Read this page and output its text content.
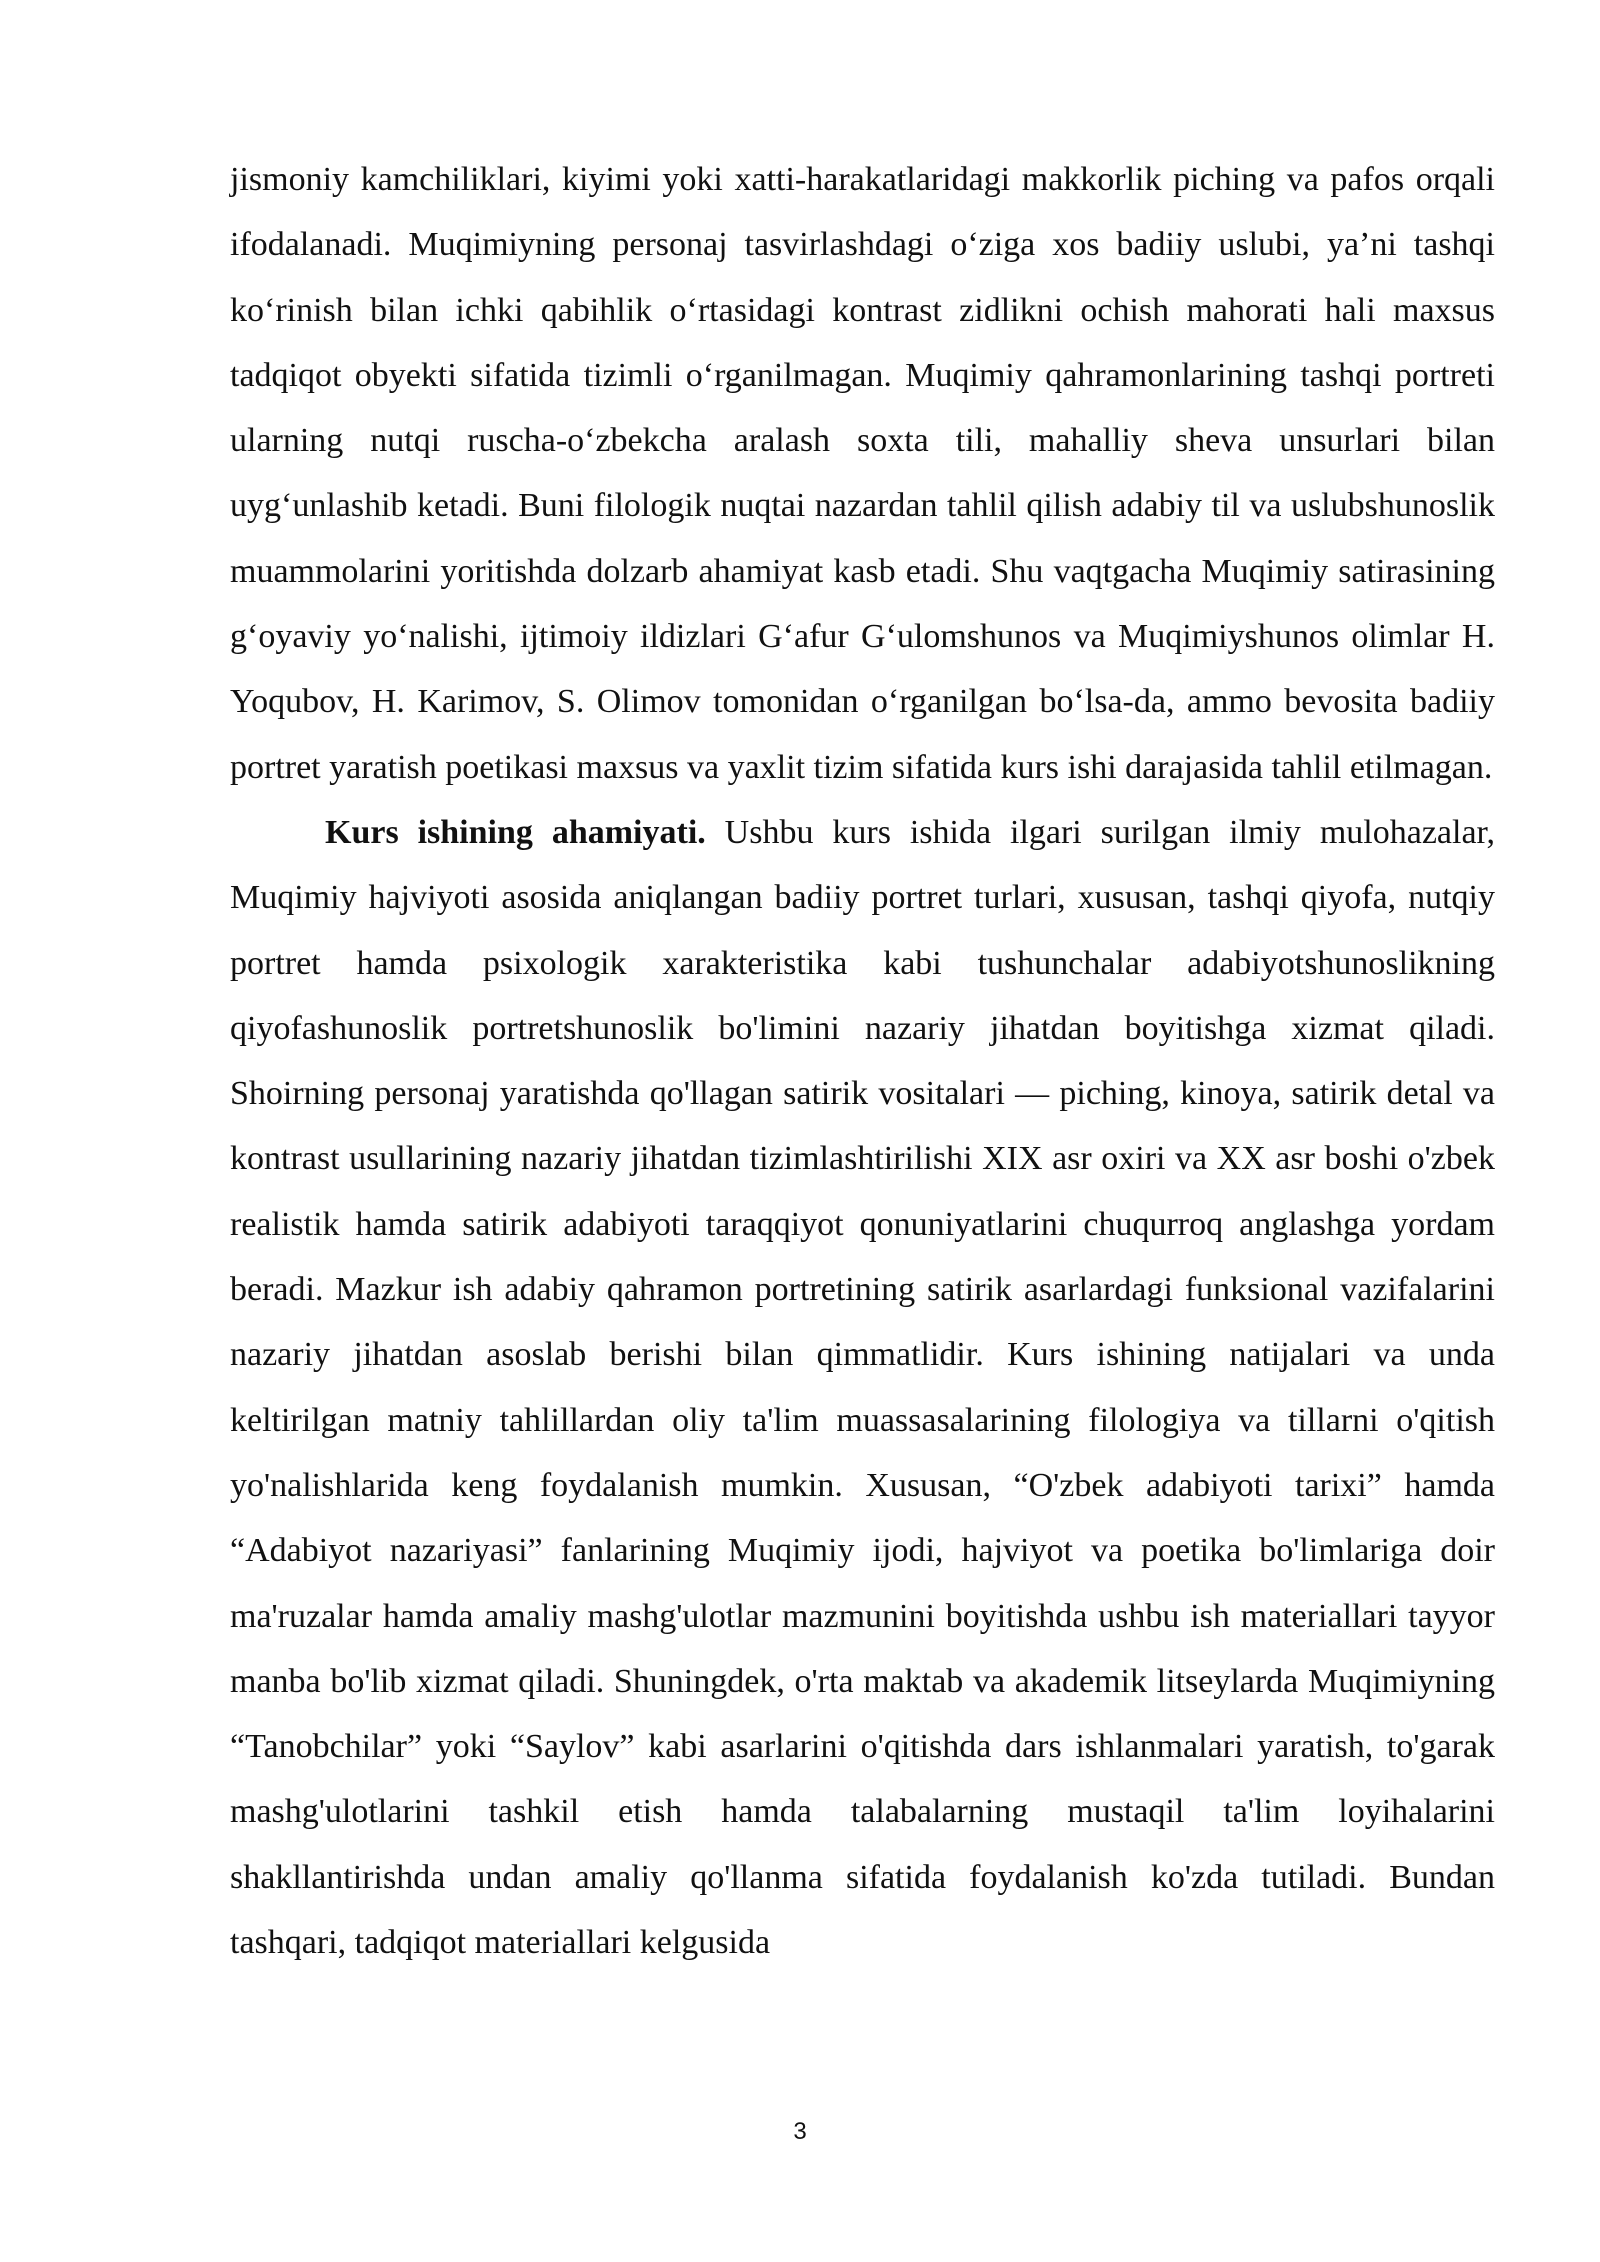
jismoniy kamchiliklari, kiyimi yoki xatti-harakatlaridagi makkorlik piching va pafos orqali ifodalanadi. Muqimiyning personaj tasvirlashdagi o‘ziga xos badiiy uslubi, ya’ni tashqi ko‘rinish bilan ichki qabihlik o‘rtasidagi kontrast zidlikni ochish mahorati hali maxsus tadqiqot obyekti sifatida tizimli o‘rganilmagan. Muqimiy qahramonlarining tashqi portreti ularning nutqi ruscha-o‘zbekcha aralash soxta tili, mahalliy sheva unsurlari bilan uyg‘unlashib ketadi. Buni filologik nuqtai nazardan tahlil qilish adabiy til va uslubshunoslik muammolarini yoritishda dolzarb ahamiyat kasb etadi. Shu vaqtgacha Muqimiy satirasining g‘oyaviy yo‘nalishi, ijtimoiy ildizlari G‘afur G‘ulomshunos va Muqimiyshunos olimlar H. Yoqubov, H. Karimov, S. Olimov tomonidan o‘rganilgan bo‘lsa-da, ammo bevosita badiiy portret yaratish poetikasi maxsus va yaxlit tizim sifatida kurs ishi darajasida tahlil etilmagan.

Kurs ishining ahamiyati. Ushbu kurs ishida ilgari surilgan ilmiy mulohazalar, Muqimiy hajviyoti asosida aniqlangan badiiy portret turlari, xususan, tashqi qiyofa, nutqiy portret hamda psixologik xarakteristika kabi tushunchalar adabiyotshunoslikning qiyofashunoslik portretshunoslik bo'limini nazariy jihatdan boyitishga xizmat qiladi. Shoirning personaj yaratishda qo'llagan satirik vositalari — piching, kinoya, satirik detal va kontrast usullarining nazariy jihatdan tizimlashtirilishi XIX asr oxiri va XX asr boshi o'zbek realistik hamda satirik adabiyoti taraqqiyot qonuniyatlarini chuqurroq anglashga yordam beradi. Mazkur ish adabiy qahramon portretining satirik asarlardagi funksional vazifalarini nazariy jihatdan asoslab berishi bilan qimmatlidir. Kurs ishining natijalari va unda keltirilgan matniy tahlillardan oliy ta'lim muassasalarining filologiya va tillarni o'qitish yo'nalishlarida keng foydalanish mumkin. Xususan, “O'zbek adabiyoti tarixi” hamda “Adabiyot nazariyasi” fanlarining Muqimiy ijodi, hajviyot va poetika bo'limlariga doir ma'ruzalar hamda amaliy mashg'ulotlar mazmunini boyitishda ushbu ish materiallari tayyor manba bo'lib xizmat qiladi. Shuningdek, o'rta maktab va akademik litseylarda Muqimiyning “Tanobchilar” yoki “Saylov” kabi asarlarini o'qitishda dars ishlanmalari yaratish, to'garak mashg'ulotlarini tashkil etish hamda talabalarning mustaqil ta'lim loyihalarini shakllantirishda undan amaliy qo'llanma sifatida foydalanish ko'zda tutiladi. Bundan tashqari, tadqiqot materiallari kelgusida

3
